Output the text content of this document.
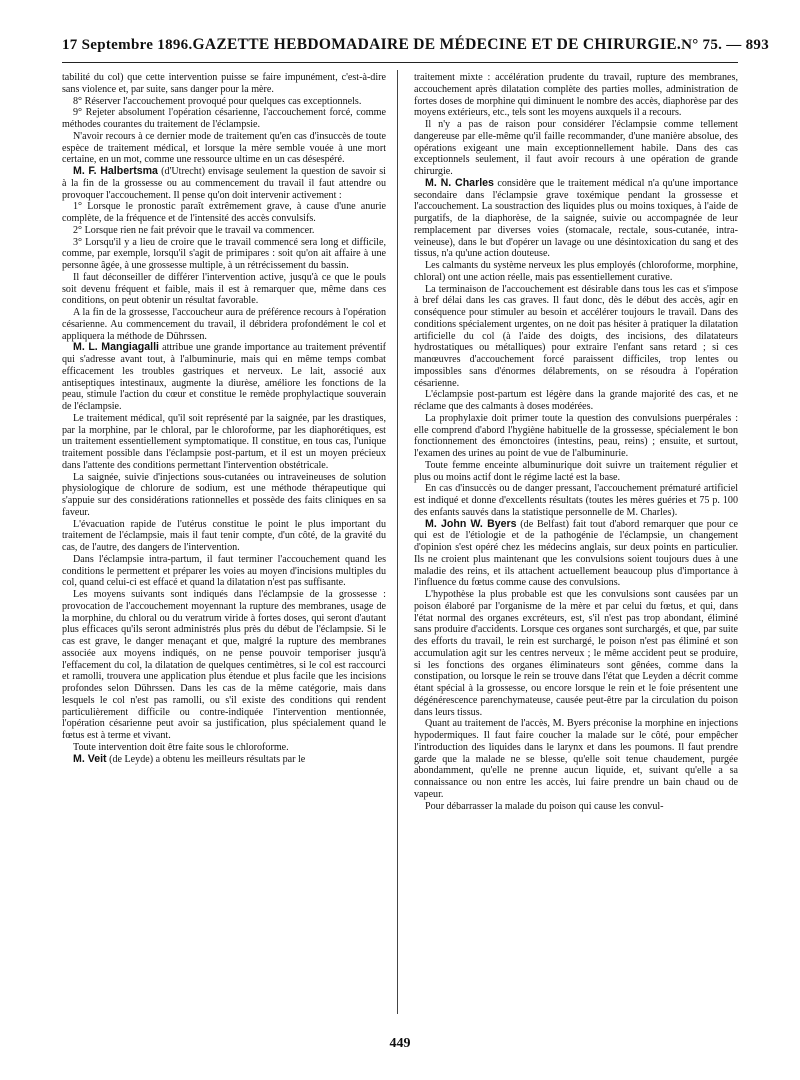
17 Septembre 1896. GAZETTE HEBDOMADAIRE DE MÉDECINE ET DE CHIRURGIE. N° 75. — 893

tabilité du col) que cette intervention puisse se faire impunément, c'est-à-dire sans violence et, par suite, sans danger pour la mère.

8° Réserver l'accouchement provoqué pour quelques cas exceptionnels.

9° Rejeter absolument l'opération césarienne, l'accouchement forcé, comme méthodes courantes du traitement de l'éclampsie.

N'avoir recours à ce dernier mode de traitement qu'en cas d'insuccès de toute espèce de traitement médical, et lorsque la mère semble vouée à une mort certaine, en un mot, comme une ressource ultime en un cas désespéré.

M. F. Halbertsma (d'Utrecht) envisage seulement la question de savoir si à la fin de la grossesse ou au commencement du travail il faut attendre ou provoquer l'accouchement. Il pense qu'on doit intervenir activement :

1° Lorsque le pronostic paraît extrêmement grave, à cause d'une anurie complète, de la fréquence et de l'intensité des accès convulsifs.

2° Lorsque rien ne fait prévoir que le travail va commencer.

3° Lorsqu'il y a lieu de croire que le travail commencé sera long et difficile, comme, par exemple, lorsqu'il s'agit de primipares : soit qu'on ait affaire à une personne âgée, à une grossesse multiple, à un rétrécissement du bassin.

Il faut déconseiller de différer l'intervention active, jusqu'à ce que le pouls soit devenu fréquent et faible, mais il est à remarquer que, même dans ces conditions, on peut obtenir un résultat favorable.

A la fin de la grossesse, l'accoucheur aura de préférence recours à l'opération césarienne. Au commencement du travail, il débridera profondément le col et appliquera la méthode de Dührssen.

M. L. Mangiagalli attribue une grande importance au traitement préventif qui s'adresse avant tout, à l'albuminurie, mais qui en même temps combat efficacement les troubles gastriques et nerveux. Le lait, associé aux antiseptiques intestinaux, augmente la diurèse, améliore les fonctions de la peau, stimule l'action du cœur et constitue le remède prophylactique souverain de l'éclampsie.

Le traitement médical, qu'il soit représenté par la saignée, par les drastiques, par la morphine, par le chloral, par le chloroforme, par les diaphorétiques, est un traitement essentiellement symptomatique. Il constitue, en tous cas, l'unique traitement possible dans l'éclampsie post-partum, et il est un moyen précieux dans l'attente des conditions permettant l'intervention obstétricale.

La saignée, suivie d'injections sous-cutanées ou intraveineuses de solution physiologique de chlorure de sodium, est une méthode thérapeutique qui s'appuie sur des considérations rationnelles et possède des faits cliniques en sa faveur.

L'évacuation rapide de l'utérus constitue le point le plus important du traitement de l'éclampsie, mais il faut tenir compte, d'un côté, de la gravité du cas, de l'autre, des dangers de l'intervention.

Dans l'éclampsie intra-partum, il faut terminer l'accouchement quand les conditions le permettent et préparer les voies au moyen d'incisions multiples du col, quand celui-ci est effacé et quand la dilatation n'est pas suffisante.

Les moyens suivants sont indiqués dans l'éclampsie de la grossesse : provocation de l'accouchement moyennant la rupture des membranes, usage de la morphine, du chloral ou du veratrum viride à fortes doses, qui seront d'autant plus efficaces qu'ils seront administrés plus près du début de l'éclampsie. Si le cas est grave, le danger menaçant et que, malgré la rupture des membranes associée aux moyens indiqués, on ne pense pouvoir temporiser jusqu'à l'effacement du col, la dilatation de quelques centimètres, si le col est raccourci et ramolli, trouvera une application plus étendue et plus facile que les incisions profondes selon Dührssen. Dans les cas de la même catégorie, mais dans lesquels le col n'est pas ramolli, ou s'il existe des conditions qui rendent particulièrement difficile ou contre-indiquée l'intervention mentionnée, l'opération césarienne peut avoir sa justification, plus spécialement quand le fœtus est à terme et vivant.

Toute intervention doit être faite sous le chloroforme.

M. Veit (de Leyde) a obtenu les meilleurs résultats par le

traitement mixte : accélération prudente du travail, rupture des membranes, accouchement après dilatation complète des parties molles, administration de fortes doses de morphine qui diminuent le nombre des accès, diaphorèse par des moyens extérieurs, etc., tels sont les moyens auxquels il a recours.

Il n'y a pas de raison pour considérer l'éclampsie comme tellement dangereuse par elle-même qu'il faille recommander, d'une manière absolue, des opérations exigeant une main exceptionnellement habile. Dans des cas exceptionnels seulement, il faut avoir recours à une opération de grande chirurgie.

M. N. Charles considère que le traitement médical n'a qu'une importance secondaire dans l'éclampsie grave toxémique pendant la grossesse et l'accouchement. La soustraction des liquides plus ou moins toxiques, à l'aide de purgatifs, de la diaphorèse, de la saignée, suivie ou accompagnée de leur remplacement par diverses voies (stomacale, rectale, sous-cutanée, intra-veineuse), dans le but d'opérer un lavage ou une désintoxication du sang et des tissus, n'a qu'une action douteuse.

Les calmants du système nerveux les plus employés (chloroforme, morphine, chloral) ont une action réelle, mais pas essentiellement curative.

La terminaison de l'accouchement est désirable dans tous les cas et s'impose à bref délai dans les cas graves. Il faut donc, dès le début des accès, agir en conséquence pour stimuler au besoin et accélérer toujours le travail. Dans des conditions spécialement urgentes, on ne doit pas hésiter à pratiquer la dilatation artificielle du col (à l'aide des doigts, des incisions, des dilatateurs hydrostatiques ou métalliques) pour extraire l'enfant sans retard ; si ces manœuvres d'accouchement forcé paraissent difficiles, trop lentes ou impossibles sans d'énormes délabrements, on se résoudra à l'opération césarienne.

L'éclampsie post-partum est légère dans la grande majorité des cas, et ne réclame que des calmants à doses modérées.

La prophylaxie doit primer toute la question des convulsions puerpérales : elle comprend d'abord l'hygiène habituelle de la grossesse, spécialement le bon fonctionnement des émonctoires (intestins, peau, reins) ; ensuite, et surtout, l'examen des urines au point de vue de l'albuminurie.

Toute femme enceinte albuminurique doit suivre un traitement régulier et plus ou moins actif dont le régime lacté est la base.

En cas d'insuccès ou de danger pressant, l'accouchement prématuré artificiel est indiqué et donne d'excellents résultats (toutes les mères guéries et 75 p. 100 des enfants sauvés dans la statistique personnelle de M. Charles).

M. John W. Byers (de Belfast) fait tout d'abord remarquer que pour ce qui est de l'étiologie et de la pathogénie de l'éclampsie, un changement d'opinion s'est opéré chez les médecins anglais, sur deux points en particulier. Ils ne croient plus maintenant que les convulsions soient toujours dues à une maladie des reins, et ils attachent actuellement beaucoup plus d'importance à l'influence du fœtus comme cause des convulsions.

L'hypothèse la plus probable est que les convulsions sont causées par un poison élaboré par l'organisme de la mère et par celui du fœtus, et qui, dans l'état normal des organes excréteurs, est, s'il n'est pas trop abondant, éliminé sans produire d'accidents. Lorsque ces organes sont surchargés, et que, par suite des efforts du travail, le rein est surchargé, le poison n'est pas éliminé et son accumulation agit sur les centres nerveux ; le même accident peut se produire, si les fonctions des organes éliminateurs sont gênées, comme dans la constipation, ou lorsque le rein se trouve dans l'état que Leyden a décrit comme étant spécial à la grossesse, ou encore lorsque le rein et le foie présentent une dégénérescence parenchymateuse, causée peut-être par la circulation du poison dans leurs tissus.

Quant au traitement de l'accès, M. Byers préconise la morphine en injections hypodermiques. Il faut faire coucher la malade sur le côté, pour empêcher l'introduction des liquides dans le larynx et dans les poumons. Il faut prendre garde que la malade ne se blesse, qu'elle soit tenue chaudement, purgée abondamment, qu'elle ne prenne aucun liquide, et, suivant qu'elle a sa connaissance ou non entre les accès, lui faire prendre un bain chaud ou de vapeur.

Pour débarrasser la malade du poison qui cause les convul-

449
